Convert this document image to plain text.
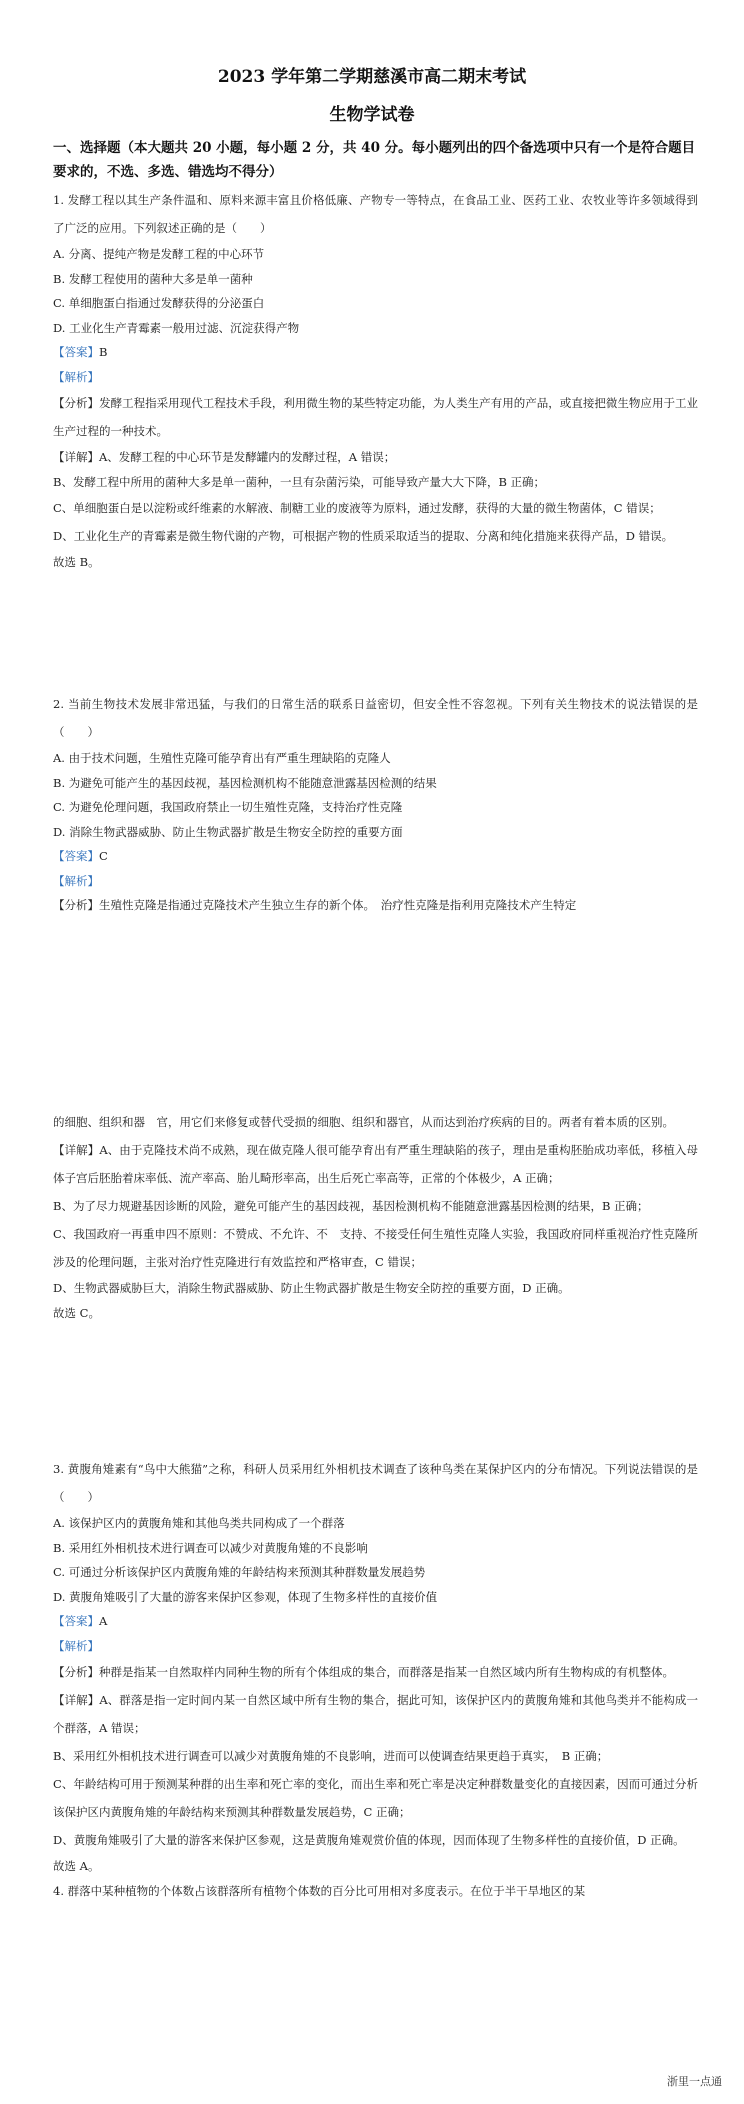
2023 学年第二学期慈溪市高二期末考试
生物学试卷
一、选择题（本大题共 20 小题，每小题 2 分，共 40 分。每小题列出的四个备选项中只有一个是符合题目要求的，不选、多选、错选均不得分）

1. 发酵工程以其生产条件温和、原料来源丰富且价格低廉、产物专一等特点，在食品工业、医药工业、农牧业等许多领域得到了广泛的应用。下列叙述正确的是（　　）

A. 分离、提纯产物是发酵工程的中心环节

B. 发酵工程使用的菌种大多是单一菌种

C. 单细胞蛋白指通过发酵获得的分泌蛋白

D. 工业化生产青霉素一般用过滤、沉淀获得产物

【答案】B

【解析】

【分析】发酵工程指采用现代工程技术手段，利用微生物的某些特定功能，为人类生产有用的产品，或直接把微生物应用于工业生产过程的一种技术。

【详解】A、发酵工程的中心环节是发酵罐内的发酵过程，A 错误；

B、发酵工程中所用的菌种大多是单一菌种，一旦有杂菌污染，可能导致产量大大下降，B 正确；

C、单细胞蛋白是以淀粉或纤维素的水解液、制糖工业的废液等为原料，通过发酵，获得的大量的微生物菌体，C 错误；

D、工业化生产的青霉素是微生物代谢的产物，可根据产物的性质采取适当的提取、分离和纯化措施来获得产品，D 错误。

故选 B。

2. 当前生物技术发展非常迅猛，与我们的日常生活的联系日益密切，但安全性不容忽视。下列有关生物技术的说法错误的是（　　）

A. 由于技术问题，生殖性克隆可能孕育出有严重生理缺陷的克隆人

B. 为避免可能产生的基因歧视，基因检测机构不能随意泄露基因检测的结果

C. 为避免伦理问题，我国政府禁止一切生殖性克隆，支持治疗性克隆

D. 消除生物武器威胁、防止生物武器扩散是生物安全防控的重要方面

【答案】C

【解析】

【分析】生殖性克隆是指通过克隆技术产生独立生存的新个体。　治疗性克隆是指利用克隆技术产生特定

的细胞、组织和器　官，用它们来修复或替代受损的细胞、组织和器官，从而达到治疗疾病的目的。两者有着本质的区别。

【详解】A、由于克隆技术尚不成熟，现在做克隆人很可能孕育出有严重生理缺陷的孩子，理由是重构胚胎成功率低，移植入母体子宫后胚胎着床率低、流产率高、胎儿畸形率高，出生后死亡率高等，正常的个体极少，A 正确；

B、为了尽力规避基因诊断的风险，避免可能产生的基因歧视，基因检测机构不能随意泄露基因检测的结果，B 正确；

C、我国政府一再重申四不原则：不赞成、不允许、不　支持、不接受任何生殖性克隆人实验，我国政府同样重视治疗性克隆所涉及的伦理问题，主张对治疗性克隆进行有效监控和严格审查，C 错误；

D、生物武器威胁巨大，消除生物武器威胁、防止生物武器扩散是生物安全防控的重要方面，D 正确。

故选 C。

3. 黄腹角雉素有“鸟中大熊猫”之称，科研人员采用红外相机技术调查了该种鸟类在某保护区内的分布情况。下列说法错误的是（　　）

A. 该保护区内的黄腹角雉和其他鸟类共同构成了一个群落

B. 采用红外相机技术进行调查可以减少对黄腹角雉的不良影响

C. 可通过分析该保护区内黄腹角雉的年龄结构来预测其种群数量发展趋势

D. 黄腹角雉吸引了大量的游客来保护区参观，体现了生物多样性的直接价值

【答案】A

【解析】

【分析】种群是指某一自然取样内同种生物的所有个体组成的集合，而群落是指某一自然区域内所有生物构成的有机整体。

【详解】A、群落是指一定时间内某一自然区域中所有生物的集合，据此可知，该保护区内的黄腹角雉和其他鸟类并不能构成一个群落，A 错误；

B、采用红外相机技术进行调查可以减少对黄腹角雉的不良影响，进而可以使调查结果更趋于真实，　B 正确；

C、年龄结构可用于预测某种群的出生率和死亡率的变化，而出生率和死亡率是决定种群数量变化的直接因素，因而可通过分析该保护区内黄腹角雉的年龄结构来预测其种群数量发展趋势，C 正确；

D、黄腹角雉吸引了大量的游客来保护区参观，这是黄腹角雉观赏价值的体现，因而体现了生物多样性的直接价值，D 正确。

故选 A。

4. 群落中某种植物的个体数占该群落所有植物个体数的百分比可用相对多度表示。在位于半干旱地区的某

浙里一点通
